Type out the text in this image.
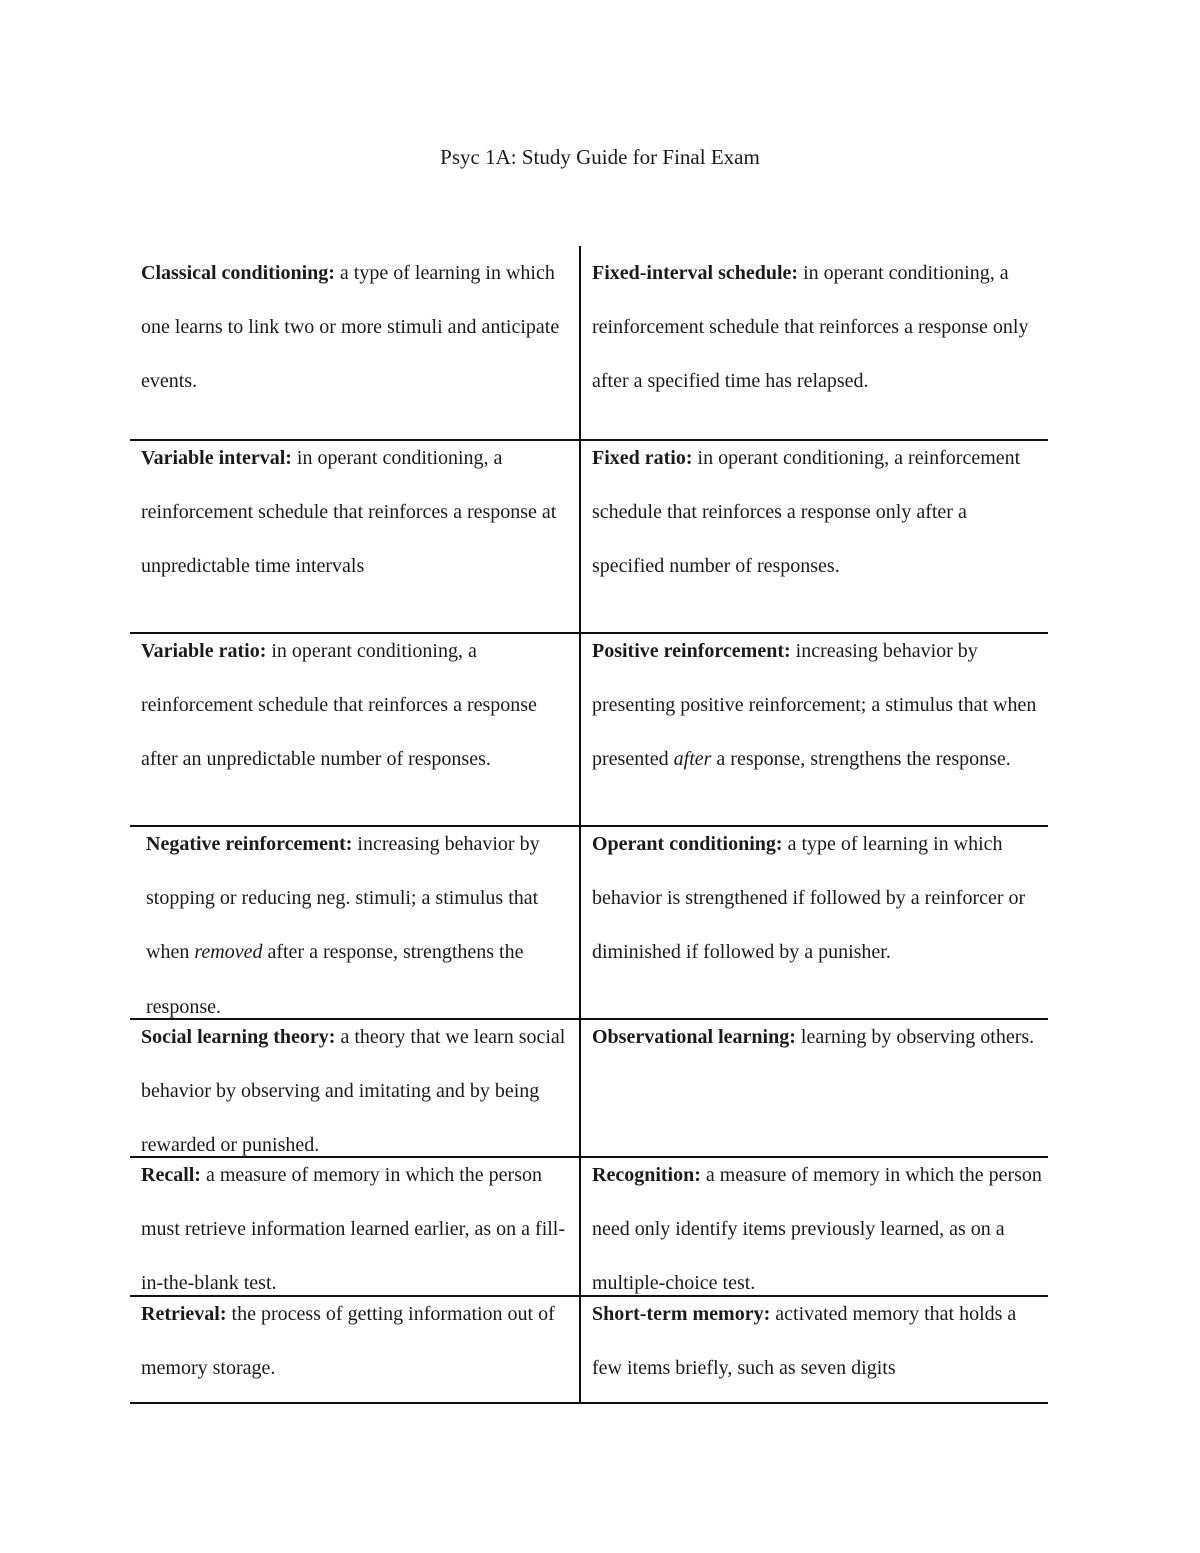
Psyc 1A: Study Guide for Final Exam

Classical conditioning: a type of learning in which one learns to link two or more stimuli and anticipate events.

Fixed-interval schedule: in operant conditioning, a reinforcement schedule that reinforces a response only after a specified time has relapsed.

Variable interval: in operant conditioning, a reinforcement schedule that reinforces a response at unpredictable time intervals

Fixed ratio: in operant conditioning, a reinforcement schedule that reinforces a response only after a specified number of responses.

Variable ratio: in operant conditioning, a reinforcement schedule that reinforces a response after an unpredictable number of responses.

Positive reinforcement: increasing behavior by presenting positive reinforcement; a stimulus that when presented after a response, strengthens the response.

Negative reinforcement: increasing behavior by stopping or reducing neg. stimuli; a stimulus that when removed after a response, strengthens the response.

Operant conditioning: a type of learning in which behavior is strengthened if followed by a reinforcer or diminished if followed by a punisher.

Social learning theory: a theory that we learn social behavior by observing and imitating and by being rewarded or punished.

Observational learning: learning by observing others.

Recall: a measure of memory in which the person must retrieve information learned earlier, as on a fill-in-the-blank test.

Recognition: a measure of memory in which the person need only identify items previously learned, as on a multiple-choice test.

Retrieval: the process of getting information out of memory storage.

Short-term memory: activated memory that holds a few items briefly, such as seven digits
